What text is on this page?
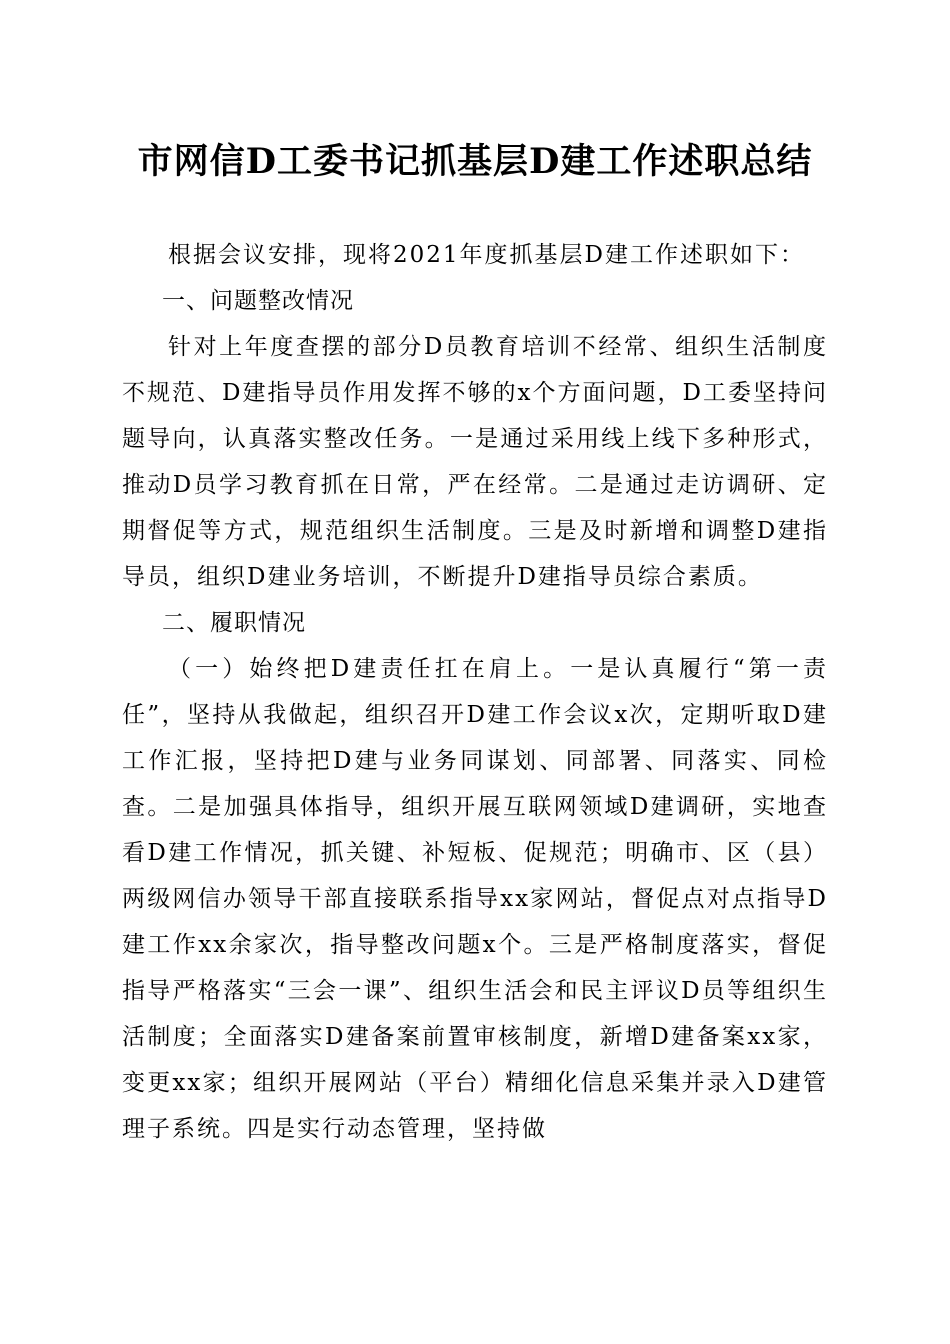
市网信D工委书记抓基层D建工作述职总结

根据会议安排，现将2021年度抓基层D建工作述职如下：

一、问题整改情况

针对上年度查摆的部分D员教育培训不经常、组织生活制度不规范、D建指导员作用发挥不够的x个方面问题，D工委坚持问题导向，认真落实整改任务。一是通过采用线上线下多种形式，推动D员学习教育抓在日常，严在经常。二是通过走访调研、定期督促等方式，规范组织生活制度。三是及时新增和调整D建指导员，组织D建业务培训，不断提升D建指导员综合素质。

二、履职情况

（一）始终把D建责任扛在肩上。一是认真履行“第一责任”，坚持从我做起，组织召开D建工作会议x次，定期听取D建工作汇报，坚持把D建与业务同谋划、同部署、同落实、同检查。二是加强具体指导，组织开展互联网领域D建调研，实地查看D建工作情况，抓关键、补短板、促规范；明确市、区（县）两级网信办领导干部直接联系指导xx家网站，督促点对点指导D建工作xx余家次，指导整改问题x个。三是严格制度落实，督促指导严格落实“三会一课”、组织生活会和民主评议D员等组织生活制度；全面落实D建备案前置审核制度，新增D建备案xx家，变更xx家；组织开展网站（平台）精细化信息采集并录入D建管理子系统。四是实行动态管理，坚持做
